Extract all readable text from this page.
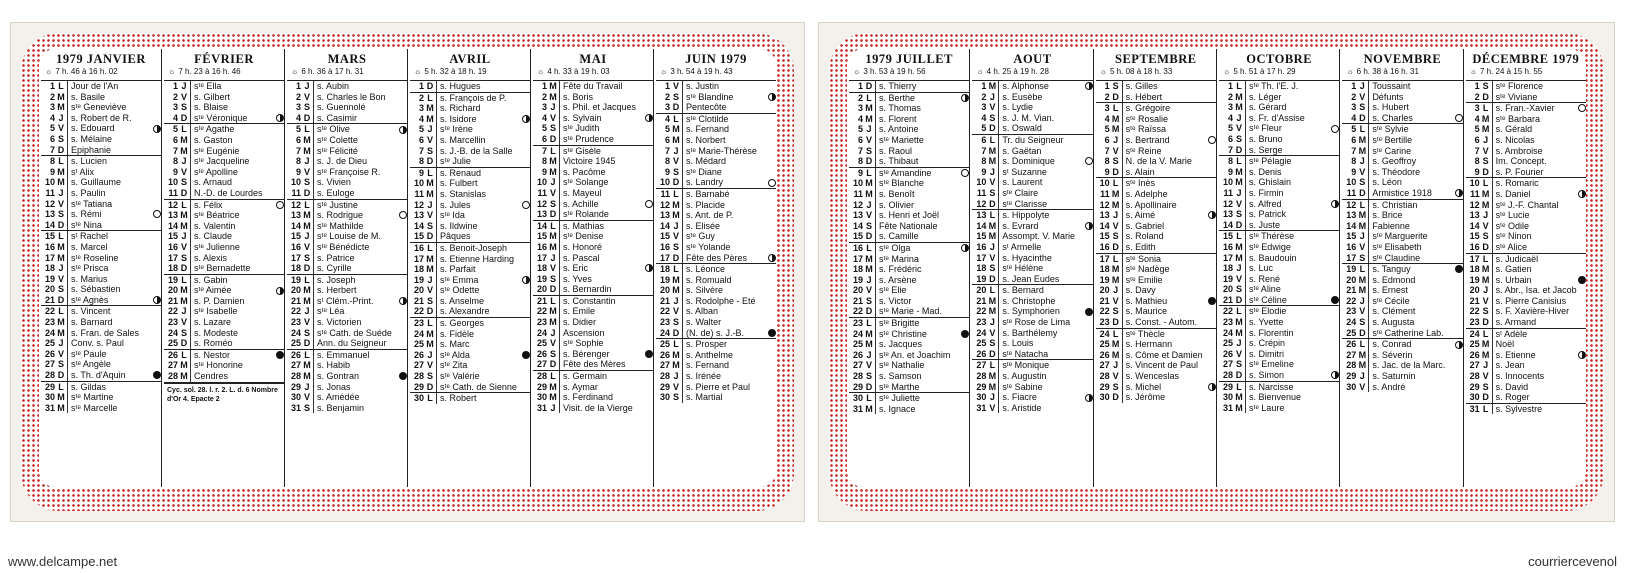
1979 JANVIER
☼ 7 h. 46 à 16 h. 02
1 L Jour de l'An
2 M s. Basile
3 M sᵗᵉ Geneviève
4 J s. Robert de R.
5 V s. Edouard
6 S s. Mélaine
7 D Epiphanie
8 L s. Lucien
9 M sᵗ Alix
10 M s. Guillaume
11 J s. Paulin
12 V sᵗᵉ Tatiana
13 S s. Rémi
14 D sᵗᵉ Nina
15 L sᵗ Rachel
16 M s. Marcel
17 M sᵗᵉ Roseline
18 J sᵗᵉ Prisca
19 V s. Marius
20 S s. Sébastien
21 D sᵗᵉ Agnès
22 L s. Vincent
23 M s. Barnard
24 M s. Fran. de Sales
25 J Conv. s. Paul
26 V sᵗᵉ Paule
27 S sᵗᵉ Angèle
28 D s. Th. d'Aquin
29 L s. Gildas
30 M sᵗᵉ Martine
31 M sᵗᵉ Marcelle
FÉVRIER
☼ 7 h. 23 à 16 h. 46
1 J sᵗᵉ Ella
2 V s. Gilbert
3 S s. Blaise
4 D sᵗᵉ Véronique
5 L sᵗᵉ Agathe
6 M s. Gaston
7 M sᵗᵉ Eugénie
8 J sᵗᵉ Jacqueline
9 V sᵗᵉ Apolline
10 S s. Arnaud
11 D N.-D. de Lourdes
12 L s. Félix
13 M sᵗᵉ Béatrice
14 M s. Valentin
15 J s. Claude
16 V sᵗᵉ Julienne
17 S s. Alexis
18 D sᵗᵉ Bernadette
19 L s. Gabin
20 M sᵗᵉ Aimée
21 M s. P. Damien
22 J sᵗᵉ Isabelle
23 V s. Lazare
24 S s. Modeste
25 D s. Roméo
26 L s. Nestor
27 M sᵗᵉ Honorine
28 M Cendres
Cyc. sol. 28. l. r. 2. L. d. 6 Nombre d'Or 4. Epacte 2
MARS
☼ 6 h. 36 à 17 h. 31
1 J s. Aubin
2 V s. Charles le Bon
3 S s. Guennolé
4 D s. Casimir
5 L sᵗᵉ Olive
6 M sᵗᵉ Colette
7 M sᵗᵉ Félicité
8 J s. J. de Dieu
9 V sᵗᵉ Françoise R.
10 S s. Vivien
11 D s. Euloge
12 L sᵗᵉ Justine
13 M s. Rodrigue
14 M sᵗᵉ Mathilde
15 J sᵗᵉ Louise de M.
16 V sᵗᵉ Bénédicte
17 S s. Patrice
18 D s. Cyrille
19 L s. Joseph
20 M s. Herbert
21 M sᵗ Clém.-Print.
22 J sᵗᵉ Léa
23 V s. Victorien
24 S sᵗᵉ Cath. de Suéde
25 D Ann. du Seigneur
26 L s. Emmanuel
27 M s. Habib
28 M s. Gontran
29 J s. Jonas
30 V s. Amédée
31 S s. Benjamin
AVRIL
☼ 5 h. 32 à 18 h. 19
1 D s. Hugues
2 L s. François de P.
3 M s. Richard
4 M s. Isidore
5 J sᵗᵉ Irène
6 V s. Marcellin
7 S s. J.-B. de la Salle
8 D sᵗᵉ Julie
9 L s. Renaud
10 M s. Fulbert
11 M s. Stanislas
12 J s. Jules
13 V sᵗᵉ Ida
14 S s. Ildwine
15 D Pâques
16 L s. Benoit-Joseph
17 M s. Etienne Harding
18 M s. Parfait
19 J sᵗᵉ Emma
20 V sᵗᵉ Odette
21 S s. Anselme
22 D s. Alexandre
23 L s. Georges
24 M s. Fidèle
25 M s. Marc
26 J sᵗᵉ Alda
27 V sᵗᵉ Zita
28 S sᵗᵉ Valérie
29 D sᵗᵉ Cath. de Sienne
30 L s. Robert
MAI
☼ 4 h. 33 à 19 h. 03
1 M Fête du Travail
2 M s. Boris
3 J s. Phil. et Jacques
4 V s. Sylvain
5 S sᵗᵉ Judith
6 D sᵗᵉ Prudence
7 L sᵗᵉ Gisèle
8 M Victoire 1945
9 M s. Pacôme
10 J sᵗᵉ Solange
11 V s. Mayeul
12 S s. Achille
13 D sᵗᵉ Rolande
14 L s. Mathias
15 M sᵗᵉ Denise
16 M s. Honoré
17 J s. Pascal
18 V s. Eric
19 S s. Yves
20 D s. Bernardin
21 L s. Constantin
22 M s. Emile
23 M s. Didier
24 J Ascension
25 V sᵗᵉ Sophie
26 S s. Bérenger
27 D Fête des Mères
28 L s. Germain
29 M s. Aymar
30 M s. Ferdinand
31 J Visit. de la Vierge
JUIN 1979
☼ 3 h. 54 à 19 h. 43
1 V s. Justin
2 S sᵗᵉ Blandine
3 D Pentecôte
4 L sᵗᵉ Clotilde
5 M s. Fernand
6 M s. Norbert
7 J sᵗᵉ Marie-Thérèse
8 V s. Médard
9 S sᵗᵉ Diane
10 D s. Landry
11 L s. Barnabé
12 M s. Placide
13 M s. Ant. de P.
14 J s. Elisée
15 V sᵗᵉ Guy
16 S sᵗᵉ Yolande
17 D Fête des Pères
18 L s. Léonce
19 M s. Romuald
20 M s. Silvère
21 J s. Rodolphe - Eté
22 V s. Alban
23 S s. Walter
24 D (N. de) s. J.-B.
25 L s. Prosper
26 M s. Anthelme
27 M s. Fernand
28 J s. Irénée
29 V s. Pierre et Paul
30 S s. Martial
1979 JUILLET
☼ 3 h. 53 à 19 h. 56
1 D s. Thierry
2 L s. Berthe
3 M s. Thomas
4 M s. Florent
5 J s. Antoine
6 V sᵗᵉ Mariette
7 S s. Raoul
8 D s. Thibaut
9 L sᵗᵉ Amandine
10 M sᵗᵉ Blanche
11 M s. Benoît
12 J s. Olivier
13 V s. Henri et Joël
14 S Fête Nationale
15 D s. Camille
16 L sᵗᵉ Olga
17 M sᵗᵉ Marina
18 M s. Frédéric
19 J s. Arsène
20 V sᵗᵉ Elie
21 S s. Victor
22 D sᵗᵉ Marie - Mad.
23 L sᵗᵉ Brigitte
24 M sᵗᵉ Christine
25 M s. Jacques
26 J sᵗᵉ An. et Joachim
27 V sᵗᵉ Nathalie
28 S s. Samson
29 D sᵗᵉ Marthe
30 L sᵗᵉ Juliette
31 M s. Ignace
AOUT
☼ 4 h. 25 à 19 h. 28
1 M s. Alphonse
2 J s. Eusèbe
3 V s. Lydie
4 S s. J. M. Vian.
5 D s. Oswald
6 L Tr. du Seigneur
7 M s. Gaëtan
8 M s. Dominique
9 J sᵗ Suzanne
10 V s. Laurent
11 S sᵗᵉ Claire
12 D sᵗᵉ Clarisse
13 L s. Hippolyte
14 M s. Evrard
15 M Assompt. V. Marie
16 J sᵗ Armelle
17 V s. Hyacinthe
18 S sᵗᵉ Hélène
19 D s. Jean Eudes
20 L s. Bernard
21 M s. Christophe
22 M s. Symphorien
23 J sᵗᵉ Rose de Lima
24 V s. Barthélemy
25 S s. Louis
26 D sᵗᵉ Natacha
27 L sᵗᵉ Monique
28 M s. Augustin
29 M sᵗᵉ Sabine
30 J s. Fiacre
31 V s. Aristide
SEPTEMBRE
☼ 5 h. 08 à 18 h. 33
1 S s. Gilles
2 D s. Hébert
3 L s. Grégoire
4 M sᵗᵉ Rosalie
5 M sᵗᵉ Raïssa
6 J s. Bertrand
7 V sᵗᵉ Reine
8 S N. de la V. Marie
9 D s. Alain
10 L sᵗᵉ Inès
11 M s. Adelphe
12 M s. Apollinaire
13 J s. Aimé
14 V s. Gabriel
15 S s. Roland
16 D s. Edith
17 L sᵗᵉ Sonia
18 M sᵗᵉ Nadège
19 M sᵗᵉ Emilie
20 J s. Davy
21 V s. Mathieu
22 S s. Maurice
23 D s. Const. - Autom.
24 L sᵗᵉ Thècle
25 M s. Hermann
26 M s. Côme et Damien
27 J s. Vincent de Paul
28 V s. Wenceslas
29 S s. Michel
30 D s. Jérôme
OCTOBRE
☼ 5 h. 51 à 17 h. 29
1 L sᵗᵉ Th. l'E. J.
2 M s. Léger
3 M s. Gérard
4 J s. Fr. d'Assise
5 V sᵗᵉ Fleur
6 S s. Bruno
7 D s. Serge
8 L sᵗᵉ Pélagie
9 M s. Denis
10 M s. Ghislain
11 J s. Firmin
12 V s. Alfred
13 S s. Patrick
14 D s. Juste
15 L sᵗᵉ Thérèse
16 M sᵗᵉ Edwige
17 M s. Baudouin
18 J s. Luc
19 V s. René
20 S sᵗᵉ Aline
21 D sᵗᵉ Céline
22 L sᵗᵉ Elodie
23 M s. Yvette
24 M s. Florentin
25 J s. Crépin
26 V s. Dimitri
27 S sᵗᵉ Emeline
28 D s. Simon
29 L s. Narcisse
30 M s. Bienvenue
31 M sᵗᵉ Laure
NOVEMBRE
☼ 6 h. 38 à 16 h. 31
1 J Toussaint
2 V Défunts
3 S s. Hubert
4 D s. Charles
5 L sᵗᵉ Sylvie
6 M sᵗᵉ Bertille
7 M sᵗᵉ Carine
8 J s. Geoffroy
9 V s. Théodore
10 S s. Léon
11 D Armistice 1918
12 L s. Christian
13 M s. Brice
14 M Fabienne
15 J sᵗᵉ Marguerite
16 V sᵗᵉ Elisabeth
17 S sᵗᵉ Claudine
19 L s. Tanguy
20 M s. Edmond
21 M s. Ernest
22 J sᵗᵉ Cécile
23 V s. Clément
24 S s. Augusta
25 D sᵗᵉ Catherine Lab.
26 L s. Conrad
27 M s. Séverin
28 M s. Jac. de la Marc.
29 J s. Saturnin
30 V s. André
DÉCEMBRE 1979
☼ 7 h. 24 à 15 h. 55
1 S sᵗᵉ Florence
2 D sᵗᵉ Viviane
3 L s. Fran.-Xavier
4 M sᵗᵉ Barbara
5 M s. Gérald
6 J s. Nicolas
7 V s. Ambroise
8 S Im. Concept.
9 D s. P. Fourier
10 L s. Romaric
11 M s. Daniel
12 M sᵗᵉ J.-F. Chantal
13 J sᵗᵉ Lucie
14 V sᵗᵉ Odile
15 S sᵗᵉ Ninon
16 D sᵗᵉ Alice
17 L s. Judicaël
18 M s. Gatien
19 M s. Urbain
20 J s. Abr., Isa. et Jacob
21 V s. Pierre Canisius
22 S s. F. Xavière-Hiver
23 D s. Armand
24 L sᵗ Adèle
25 M Noël
26 M s. Etienne
27 J s. Jean
28 V s. Innocents
29 S s. David
30 D s. Roger
31 L s. Sylvestre
www.delcampe.net	courriercevenol
